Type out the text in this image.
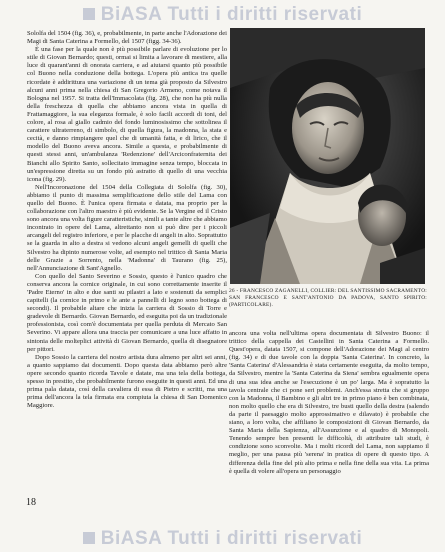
BiASA Tutti i diritti riservati

Sololfa del 1504 (fig. 36), e, probabilmente, in parte anche l'Adorazione dei Magi di Santa Caterina a Formello, del 1507 (figg. 34-36).

È una fase per la quale non è più possibile parlare di evoluzione per lo stile di Giovan Bernardo; questi, ormai si limita a lavorare di mestiere, alla luce di quarant'anni di onorata carriera, e ad aiutarsi quanto più possibile col Buono nella conduzione della bottega. L'opera più antica tra quelle ricordate è addirittura una variazione di un tema già proposto da Silvestro alcuni anni prima nella chiesa di San Gregorio Armeno, come notava il Bologna nel 1957. Si tratta dell'Immacolata (fig. 28), che non ha più nulla della freschezza di quella che abbiamo ancora vista in quella di Frattamaggiore, la sua eleganza formale, è solo facili accordi di toni, del colore, al rosa al giallo cadmio del fondo luminosissimo che sottolinea il carattere ultraterreno, di simbolo, di quella figura, la madonna, la stata e cecità, e danno rimpiangere quel che di umanità fatta, e di lirico, che il modello del Buono aveva ancora. Simile a questa, e probabilmente di questi stessi anni, un'ambulanza 'Redenzione' dell'Arciconfraternita dei Bianchi allo Spirito Santo, sollecitato immagine senza tempo, bloccata in un'espressione diretta su un fondo più astratto di quello di una vecchia icona (fig. 29).

Nell'Incoronazione del 1504 della Collegiata di Sololfa (fig. 30), abbiamo il punto di massima semplificazione dello stile del Lama con quello del Buono. È l'unica opera firmata e datata, ma proprio per la collaborazione con l'altro maestro è più evidente. Se la Vergine ed il Cristo sono ancora una volta figure caratteristiche, simili a tante altre che abbiamo incontrato in opere del Lama, altrettanto non si può dire per i piccoli arcangeli del registro inferiore, e per le placche di angeli in alto. Soprattutto se la guarda in alto a destra si vedono alcuni angeli gemelli di quelli che Silvestro ha dipinto numerose volte, ad esempio nel trittico di Santa Maria delle Grazie a Sorrento, nella 'Madonna' di Taurano (fig. 25), nell'Annunciazione di Sant'Agnello.

Con quello del Santo Severino e Sossio, questo è l'unico quadro che conserva ancora la cornice originale, in cui sono correttamente inserite il 'Padre Eterno' in alto e due santi su pilastri a lato e sostenuti da semplici capitelli (la cornice in primo e le ante a pannelli di legno sono bottega di secondi). Il probabile altare che inizia la carriera di Sossio di Torre e gradevole di Bernardo. Giovan Bernardo, ed eseguita poi da un tradizionale professionista, così com'è documentata per quella perduta di Mercato San Severino. Vi appare allora una traccia per comunicare a una luce affatto in sintonia delle molteplici attività di Giovan Bernardo, quella di disegnatore per pittori.

Dopo Sossio la carriera del nostro artista dura almeno per altri sei anni, a quanto sappiamo dai documenti. Dopo questa data abbiamo però altre opere secondo quanto ricorda Tavole e datate, ma una tela della bottega, spesso in prestito, che probabilmente furono eseguite in questi anni. Ed una prima pala datata, così della cavaliera di essa di Pietro e scritti, ma una prima dell'ancora la tela firmata era compiuta la chiesa di San Domenico Maggiore.

26 - FRANCESCO ZAGANELLI, COLLIER: DEL SANTISSIMO SACRAMENTO: SAN FRANCESCO E SANT'ANTONIO DA PADOVA, SANTO SPIRITO: (PARTICOLARE).

ancora una volta nell'ultima opera documentata di Silvestro Buono: il trittico della cappella dei Castellini in Santa Caterina a Formello. Quest'opera, datata 1507, si compone dell'Adorazione dei Magi al centro (fig. 34) e di due tavole con la doppia 'Santa Caterina'. In concreto, la 'Santa Caterina' d'Alessandria è stata certamente eseguita, da molto tempo, da Silvestro, mentre la 'Santa Caterina da Siena' sembra egualmente opera di una sua idea anche se l'esecuzione è un po' larga. Ma è sopratutto la tavola centrale che ci pone seri problemi. Anch'essa stretta che si gruppo con la Madonna, il Bambino e gli altri tre in primo piano è ben combinata, non molto quello che era di Silvestro, tre busti quello della destra (salendo da parte il paesaggio molto approssimativo e dilavato) è probabile che siano, a loro volta, che affiliano le composizioni di Giovan Bernardo, da Santa Maria della Sapienza, all'Assunzione e al quadro di Monopoli. Tenendo sempre ben presenti le difficoltà, di attribuire tali studi, è condizione sono sconvolte. Ma i molti ricordi del Lama, non sappiamo il meglio, per una pausa più 'serena' in pratica di opere di questo tipo. A differenza della fine del più alto prima e nella fine della sua vita. La prima è quella di volere all'opera un personaggio

18
BiASA Tutti i diritti riservati
